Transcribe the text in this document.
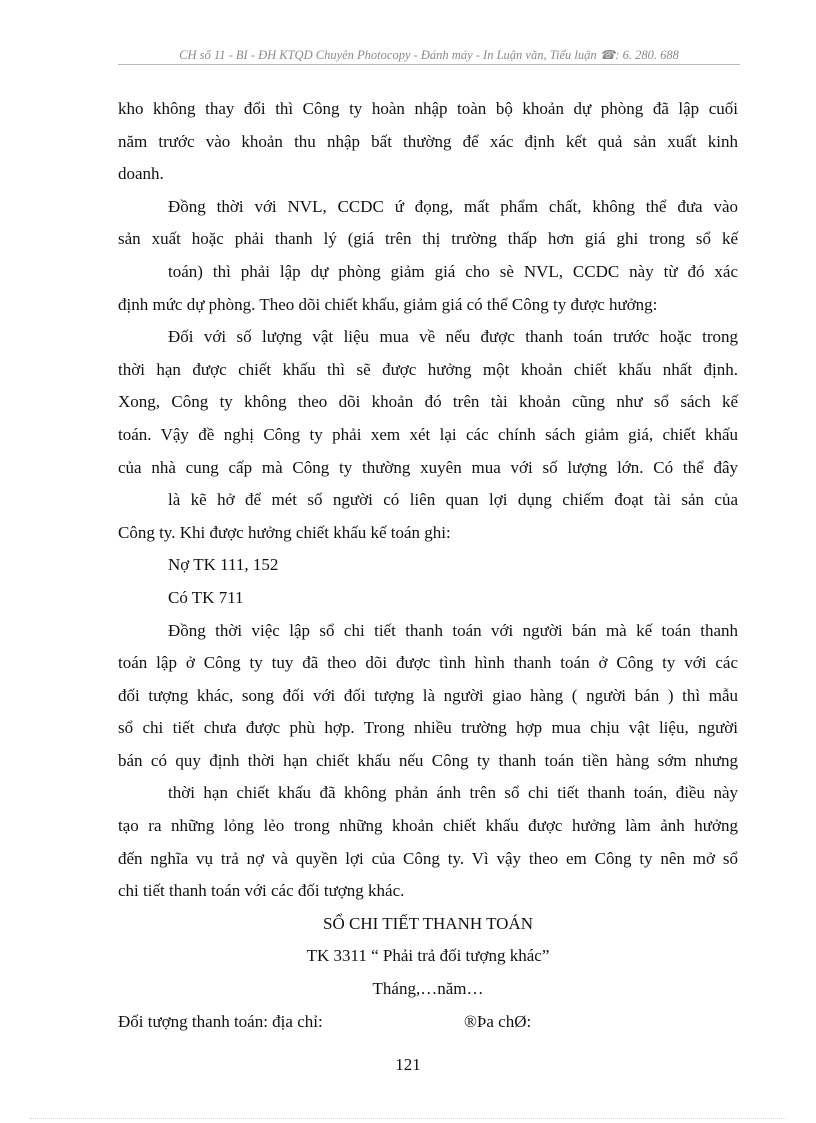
CH số 11 - BI - ĐH KTQD Chuyên Photocopy - Đánh máy - In Luận văn, Tiểu luận ☎: 6. 280. 688
kho không thay đổi thì Công ty hoàn nhập toàn bộ khoản dự phòng đã lập cuối
năm trước vào khoản thu nhập bất thường để xác định kết quả sản xuất kinh
doanh.
Đồng thời với NVL, CCDC ứ đọng, mất phẩm chất, không thể đưa vào
sản xuất hoặc phải thanh lý (giá trên thị trường thấp hơn giá ghi trong sổ kế
toán) thì phải lập dự phòng giảm giá cho sè NVL, CCDC này từ đó xác
định mức dự phòng. Theo dõi chiết khấu, giảm giá có thể Công ty được hưởng:
Đối với số lượng vật liệu mua về nếu được thanh toán trước hoặc trong
thời hạn được chiết khấu thì sẽ được hưởng một khoản chiết khấu nhất định.
Xong, Công ty không theo dõi khoản đó trên tài khoản cũng như sổ sách kế
toán. Vậy đề nghị Công ty phải xem xét lại các chính sách giảm giá, chiết khấu
của nhà cung cấp mà Công ty thường xuyên mua với số lượng lớn. Có thể đây
là kẽ hở để mét số người có liên quan lợi dụng chiếm đoạt tài sản của
Công ty. Khi được hưởng chiết khấu kế toán ghi:
Nợ TK 111, 152
Có TK 711
Đồng thời việc lập sổ chi tiết thanh toán với người bán mà kế toán thanh
toán lập ở Công ty tuy đã theo dõi được tình hình thanh toán ở Công ty với các
đối tượng khác, song đối với đối tượng là người giao hàng ( người bán ) thì mẫu
sổ chi tiết chưa được phù hợp. Trong nhiều trường hợp mua chịu vật liệu, người
bán có quy định thời hạn chiết khấu nếu Công ty thanh toán tiền hàng sớm nhưng
thời hạn chiết khấu đã không phản ánh trên sổ chi tiết thanh toán, điều này
tạo ra những lỏng lẻo trong những khoản chiết khấu được hưởng làm ảnh hưởng
đến nghĩa vụ trả nợ và quyền lợi của Công ty. Vì vậy theo em Công ty nên mở sổ
chi tiết thanh toán với các đối tượng khác.
SỔ CHI TIẾT THANH TOÁN
TK 3311 “ Phải trả đối tượng khác”
Tháng,…năm…
Đối tượng thanh toán: địa chỉ:	®Þa chØ:
121
